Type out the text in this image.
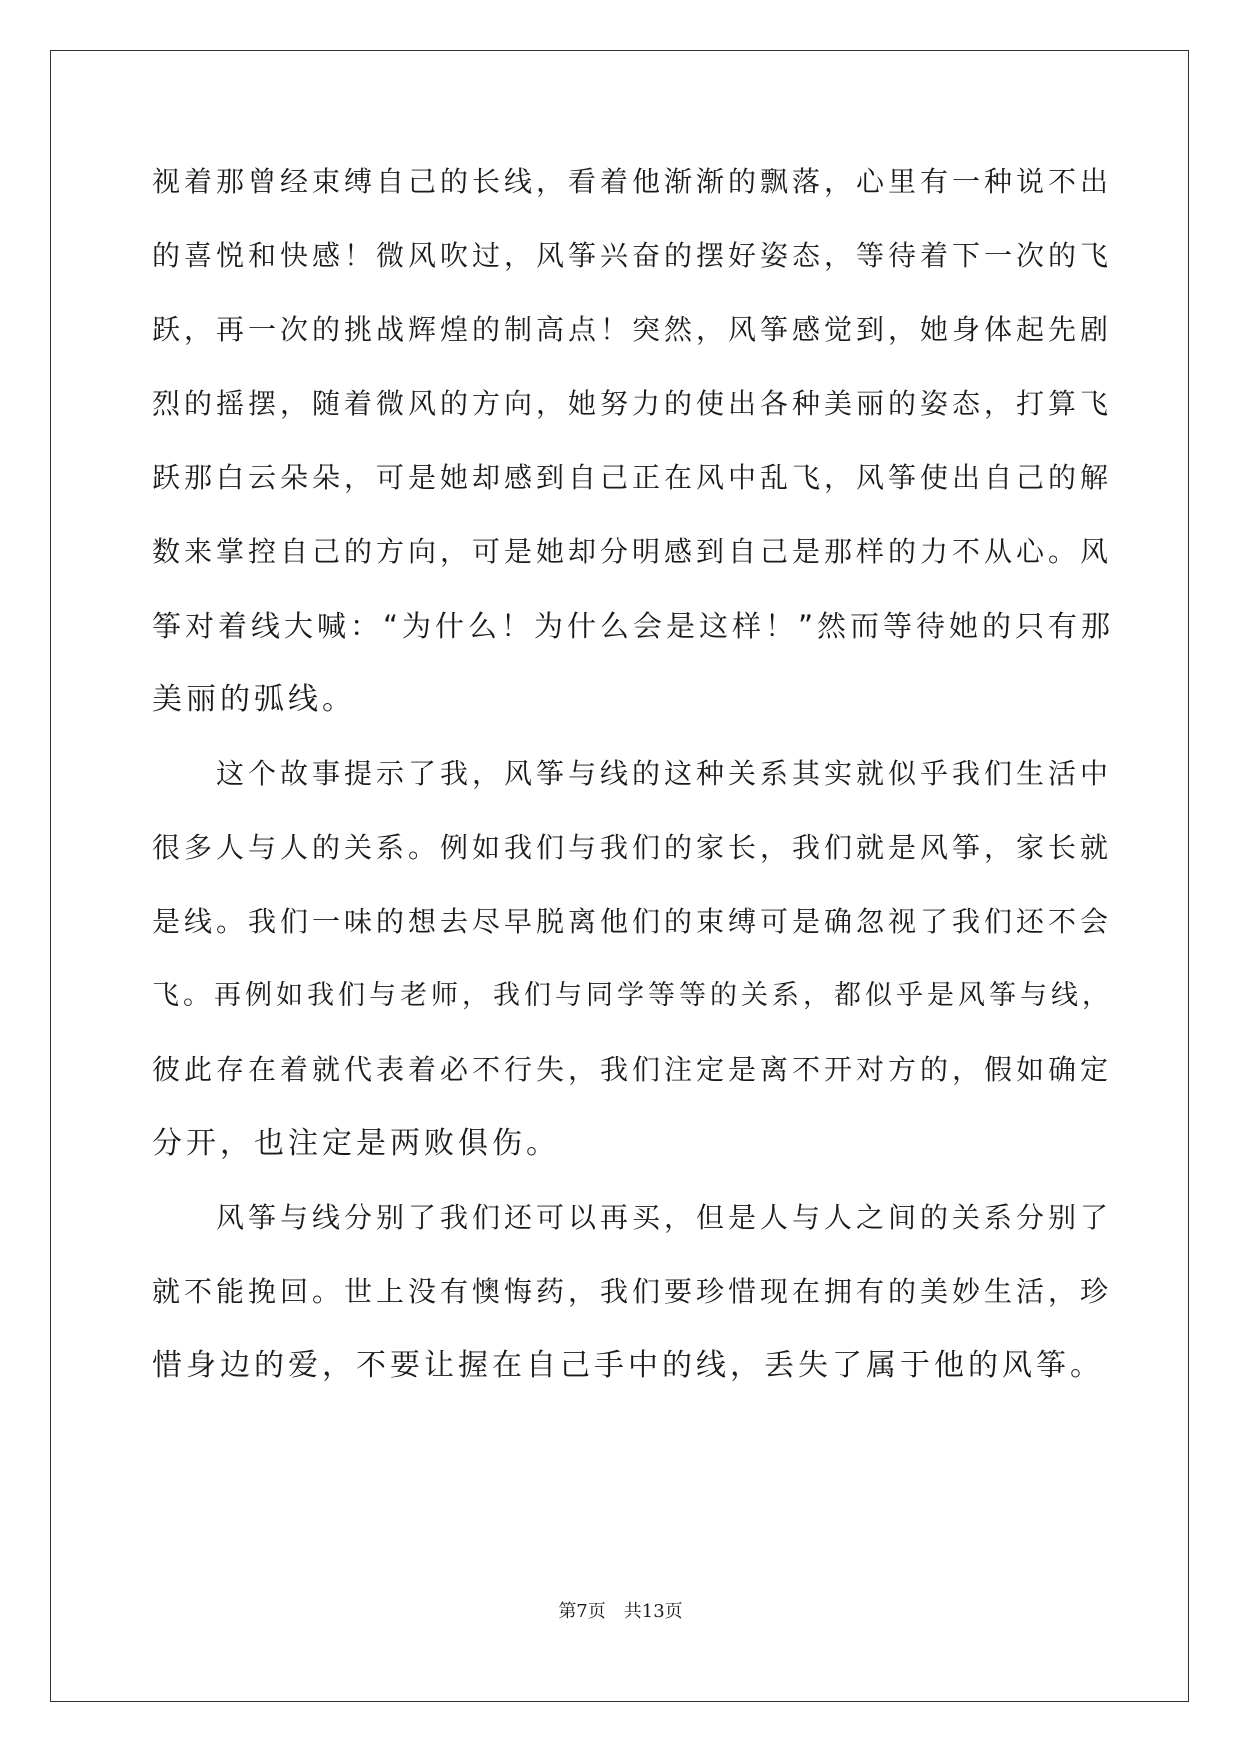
视着那曾经束缚自己的长线，看着他渐渐的飘落，心里有一种说不出
的喜悦和快感！微风吹过，风筝兴奋的摆好姿态，等待着下一次的飞
跃，再一次的挑战辉煌的制高点！突然，风筝感觉到，她身体起先剧
烈的摇摆，随着微风的方向，她努力的使出各种美丽的姿态，打算飞
跃那白云朵朵，可是她却感到自己正在风中乱飞，风筝使出自己的解
数来掌控自己的方向，可是她却分明感到自己是那样的力不从心。风
筝对着线大喊：“为什么！为什么会是这样！”然而等待她的只有那
美丽的弧线。
　　这个故事提示了我，风筝与线的这种关系其实就似乎我们生活中
很多人与人的关系。例如我们与我们的家长，我们就是风筝，家长就
是线。我们一味的想去尽早脱离他们的束缚可是确忽视了我们还不会
飞。再例如我们与老师，我们与同学等等的关系，都似乎是风筝与线，
彼此存在着就代表着必不行失，我们注定是离不开对方的，假如确定
分开，也注定是两败俱伤。
　　风筝与线分别了我们还可以再买，但是人与人之间的关系分别了
就不能挽回。世上没有懊悔药，我们要珍惜现在拥有的美妙生活，珍
惜身边的爱，不要让握在自己手中的线，丢失了属于他的风筝。
第7页　共13页
